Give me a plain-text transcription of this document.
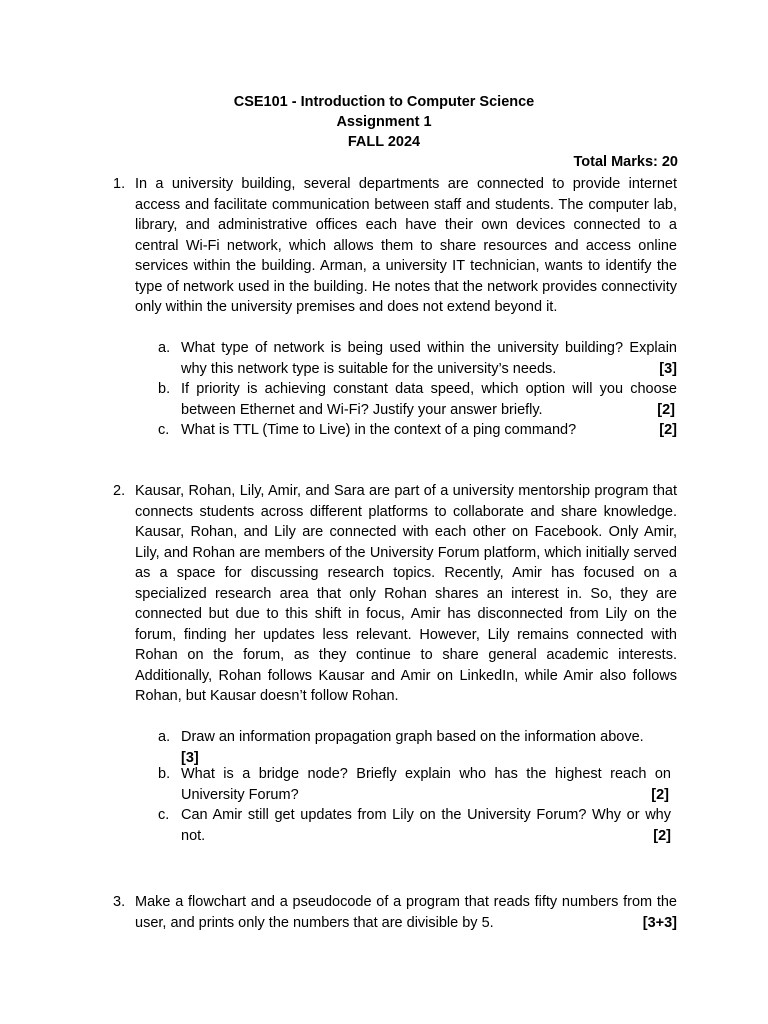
CSE101 - Introduction to Computer Science
Assignment 1
FALL 2024
Total Marks: 20
1. In a university building, several departments are connected to provide internet access and facilitate communication between staff and students. The computer lab, library, and administrative offices each have their own devices connected to a central Wi-Fi network, which allows them to share resources and access online services within the building. Arman, a university IT technician, wants to identify the type of network used in the building. He notes that the network provides connectivity only within the university premises and does not extend beyond it.
a. What type of network is being used within the university building? Explain why this network type is suitable for the university’s needs.	[3]
b. If priority is achieving constant data speed, which option will you choose between Ethernet and Wi-Fi? Justify your answer briefly.	[2]
c. What is TTL (Time to Live) in the context of a ping command?	[2]
2. Kausar, Rohan, Lily, Amir, and Sara are part of a university mentorship program that connects students across different platforms to collaborate and share knowledge. Kausar, Rohan, and Lily are connected with each other on Facebook. Only Amir, Lily, and Rohan are members of the University Forum platform, which initially served as a space for discussing research topics. Recently, Amir has focused on a specialized research area that only Rohan shares an interest in. So, they are connected but due to this shift in focus, Amir has disconnected from Lily on the forum, finding her updates less relevant. However, Lily remains connected with Rohan on the forum, as they continue to share general academic interests. Additionally, Rohan follows Kausar and Amir on LinkedIn, while Amir also follows Rohan, but Kausar doesn’t follow Rohan.
a. Draw an information propagation graph based on the information above.
[3]
b. What is a bridge node? Briefly explain who has the highest reach on University Forum?	[2]
c. Can Amir still get updates from Lily on the University Forum? Why or why not.	[2]
3. Make a flowchart and a pseudocode of a program that reads fifty numbers from the user, and prints only the numbers that are divisible by 5.	[3+3]
